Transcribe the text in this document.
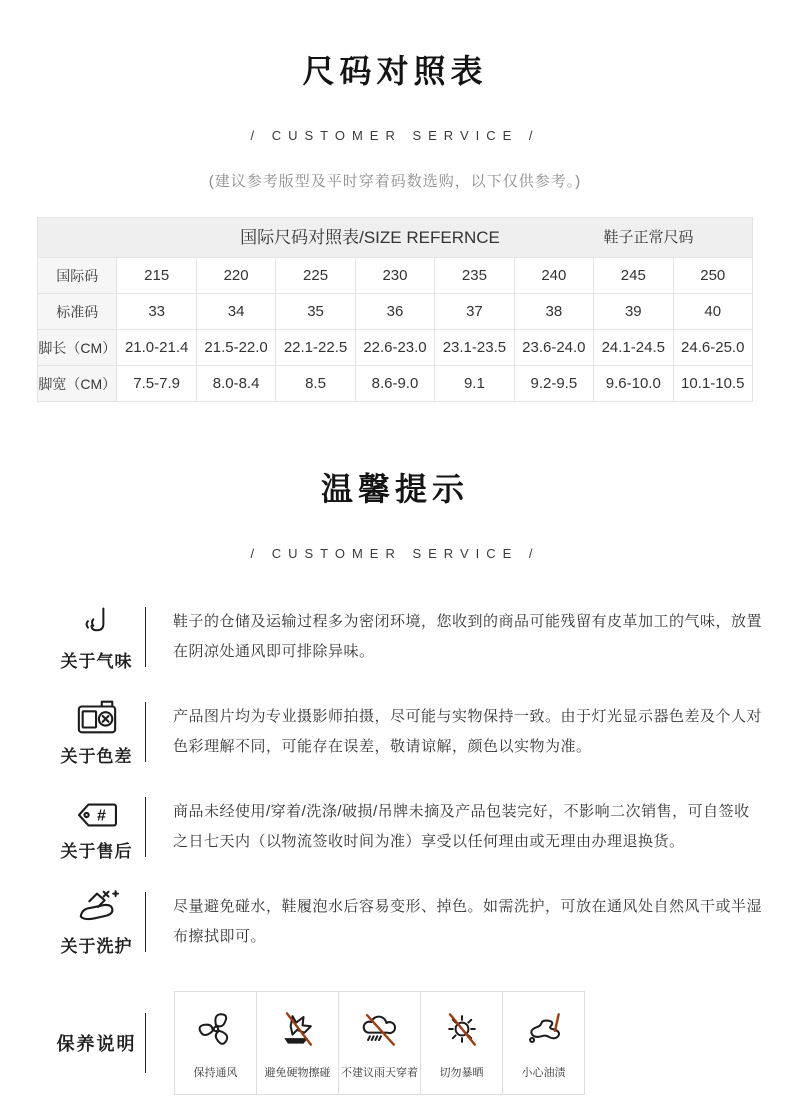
尺码对照表
/ CUSTOMER SERVICE /
(建议参考版型及平时穿着码数选购，以下仅供参考。)
国际尺码对照表/SIZE REFERNCE 鞋子正常尺码								

国际码	215	220	225	230	235	240	245	250
标准码	33	34	35	36	37	38	39	40
脚长（CM）	21.0-21.4	21.5-22.0	22.1-22.5	22.6-23.0	23.1-23.5	23.6-24.0	24.1-24.5	24.6-25.0
脚宽（CM）	7.5-7.9	8.0-8.4	8.5	8.6-9.0	9.1	9.2-9.5	9.6-10.0	10.1-10.5
温馨提示
/ CUSTOMER SERVICE /
关于气味
鞋子的仓储及运输过程多为密闭环境，您收到的商品可能残留有皮革加工的气味，放置在阴凉处通风即可排除异味。
关于色差
产品图片均为专业摄影师拍摄，尽可能与实物保持一致。由于灯光显示器色差及个人对色彩理解不同，可能存在误差，敬请谅解，颜色以实物为准。
#
关于售后
商品未经使用/穿着/洗涤/破损/吊牌未摘及产品包装完好，不影响二次销售，可自签收之日七天内（以物流签收时间为准）享受以任何理由或无理由办理退换货。
关于洗护
尽量避免碰水，鞋履泡水后容易变形、掉色。如需洗护，可放在通风处自然风干或半湿布擦拭即可。
保养说明
保持通风 避免硬物擦碰 不建议雨天穿着 切勿暴晒	小心油渍
